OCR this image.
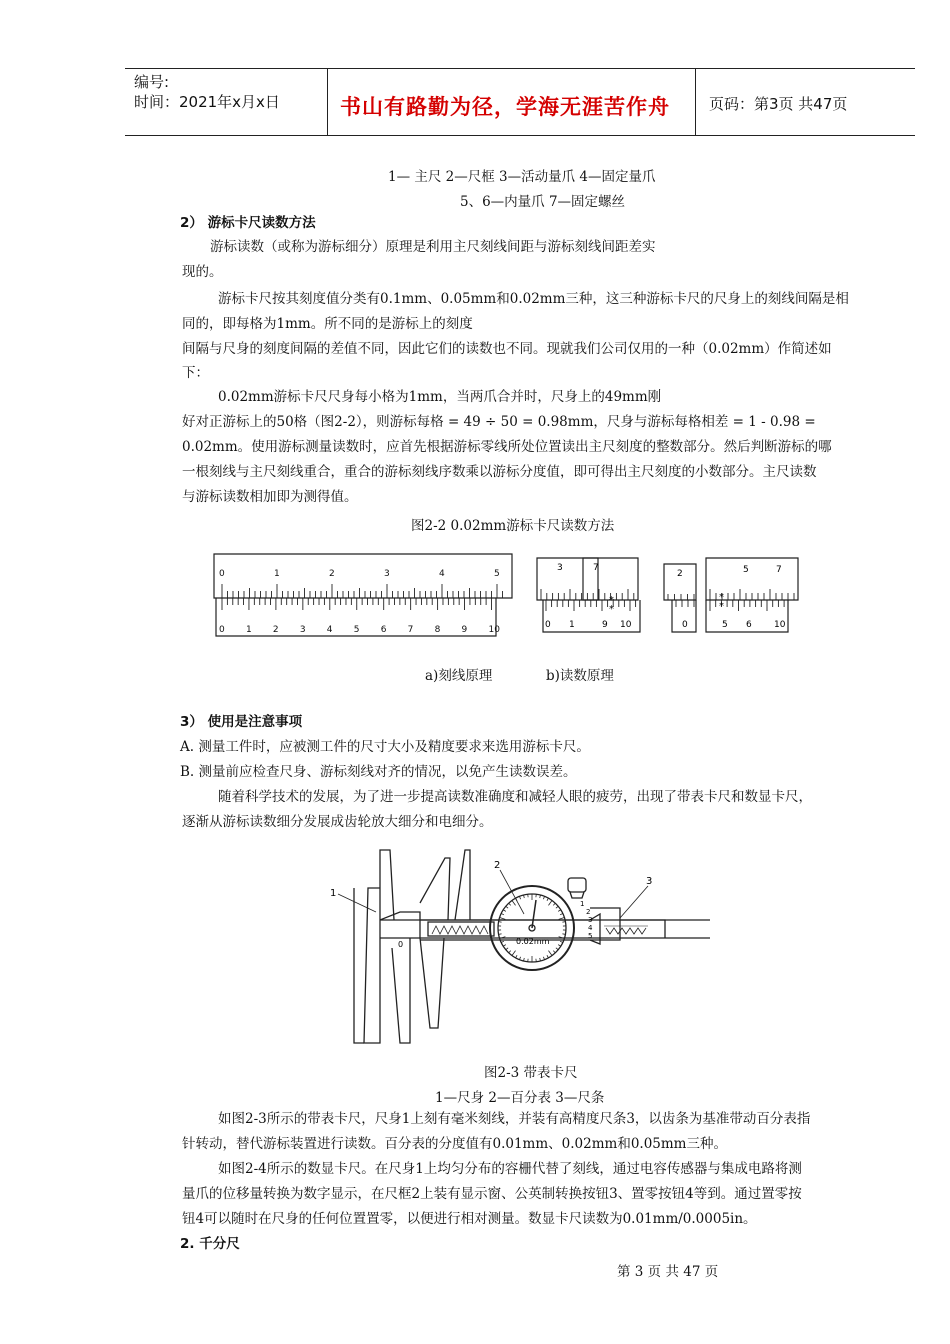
编号:
时间：2021年x月x日	书山有路勤为径，学海无涯苦作舟	页码：第3页 共47页
1— 主尺 2—尺框 3—活动量爪 4—固定量爪
5、6—内量爪 7—固定螺丝
2） 游标卡尺读数方法
游标读数（或称为游标细分）原理是利用主尺刻线间距与游标刻线间距差实
现的。
游标卡尺按其刻度值分类有0.1mm、0.05mm和0.02mm三种，这三种游标卡尺的尺身上的刻线间隔是相
同的，即每格为1mm。所不同的是游标上的刻度
间隔与尺身的刻度间隔的差值不同，因此它们的读数也不同。现就我们公司仅用的一种（0.02mm）作简述如
下：
0.02mm游标卡尺尺身每小格为1mm，当两爪合并时，尺身上的49mm刚
好对正游标上的50格（图2-2），则游标每格 = 49 ÷ 50 = 0.98mm，尺身与游标每格相差 = 1 - 0.98 =
0.02mm。使用游标测量读数时，应首先根据游标零线所处位置读出主尺刻度的整数部分。然后判断游标的哪
一根刻线与主尺刻线重合，重合的游标刻线序数乘以游标分度值，即可得出主尺刻度的小数部分。主尺读数
与游标读数相加即为测得值。
图2-2 0.02mm游标卡尺读数方法
0	1	2	3	4	5
0 1 2 3 4 5 6 7 8 9 10
3	7
0 1	9 10
2	5	7
0	5 6 10
*
*
*
*
a)刻线原理	b)读数原理
3） 使用是注意事项
A. 测量工件时，应被测工件的尺寸大小及精度要求来选用游标卡尺。
B. 测量前应检查尺身、游标刻线对齐的情况，以免产生读数误差。
随着科学技术的发展，为了进一步提高读数准确度和减轻人眼的疲劳，出现了带表卡尺和数显卡尺，
逐渐从游标读数细分发展成齿轮放大细分和电细分。
1
2
3
0.02mm
0
5
4
3
2
1
图2-3 带表卡尺
1—尺身 2—百分表 3—尺条
如图2-3所示的带表卡尺，尺身1上刻有毫米刻线，并装有高精度尺条3，以齿条为基准带动百分表指
针转动，替代游标装置进行读数。百分表的分度值有0.01mm、0.02mm和0.05mm三种。
如图2-4所示的数显卡尺。在尺身1上均匀分布的容栅代替了刻线，通过电容传感器与集成电路将测
量爪的位移量转换为数字显示，在尺框2上装有显示窗、公英制转换按钮3、置零按钮4等到。通过置零按
钮4可以随时在尺身的任何位置置零，以便进行相对测量。数显卡尺读数为0.01mm/0.0005in。
2. 千分尺
第 3 页 共 47 页
